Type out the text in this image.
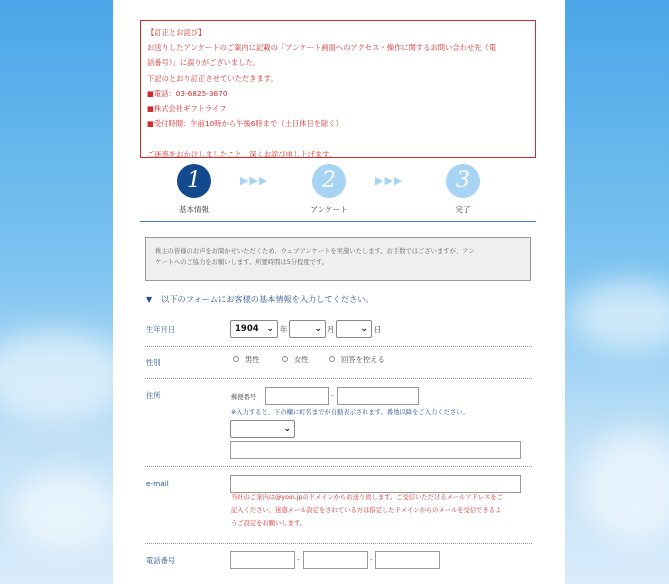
【訂正とお詫び】
お送りしたアンケートのご案内に記載の「アンケート画面へのアクセス・操作に関するお問い合わせ先（電
話番号）」に誤りがございました。
下記のとおり訂正させていただきます。
■電話：03-6825-3670
■株式会社ギフトライフ
■受付時間：午前10時から午後6時まで（土日休日を除く）

ご迷惑をおかけしましたこと、深くお詫び申し上げます。
1	▶▶▶	2	▶▶▶	3
基本情報	アンケート	完了
株主の皆様のお声をお聞かせいただくため、ウェブアンケートを実施いたします。お手数ではございますが、アン
ケートへのご協力をお願いします。所要時間は5分程度です。
▼ 以下のフォームにお客様の基本情報を入力してください。
生年月日	1904 ⌄ 年	⌄ 月	⌄ 日
性別	男性	女性	回答を控える
住所	郵便番号	-
※入力すると、下の欄に町名までが自動表示されます。番地以降をご入力ください。
⌄
e-mail
当社のご案内は@yoin.jpのドメインからお送り致します。ご受信いただけるメールアドレスをご
記入ください。迷惑メール設定をされている方は指定したドメインからのメールを受信できるよ
うご設定をお願いします。
電話番号	-	-
